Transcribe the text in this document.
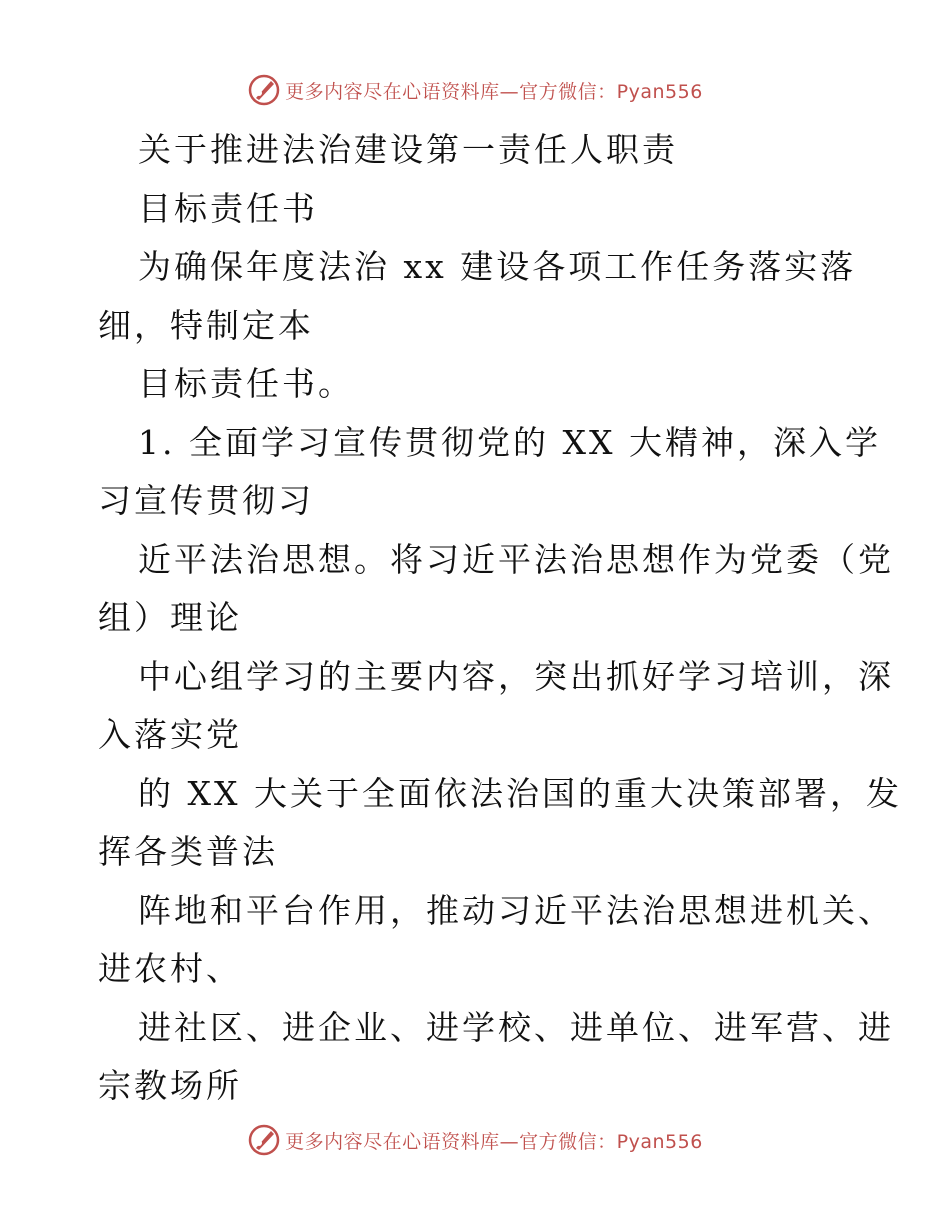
更多内容尽在心语资料库—官方微信：Pyan556
关于推进法治建设第一责任人职责
目标责任书
为确保年度法治 xx 建设各项工作任务落实落
细，特制定本
目标责任书。
1. 全面学习宣传贯彻党的 XX 大精神，深入学
习宣传贯彻习
近平法治思想。将习近平法治思想作为党委（党
组）理论
中心组学习的主要内容，突出抓好学习培训，深
入落实党
的 XX 大关于全面依法治国的重大决策部署，发
挥各类普法
阵地和平台作用，推动习近平法治思想进机关、
进农村、
进社区、进企业、进学校、进单位、进军营、进
宗教场所
更多内容尽在心语资料库—官方微信：Pyan556
